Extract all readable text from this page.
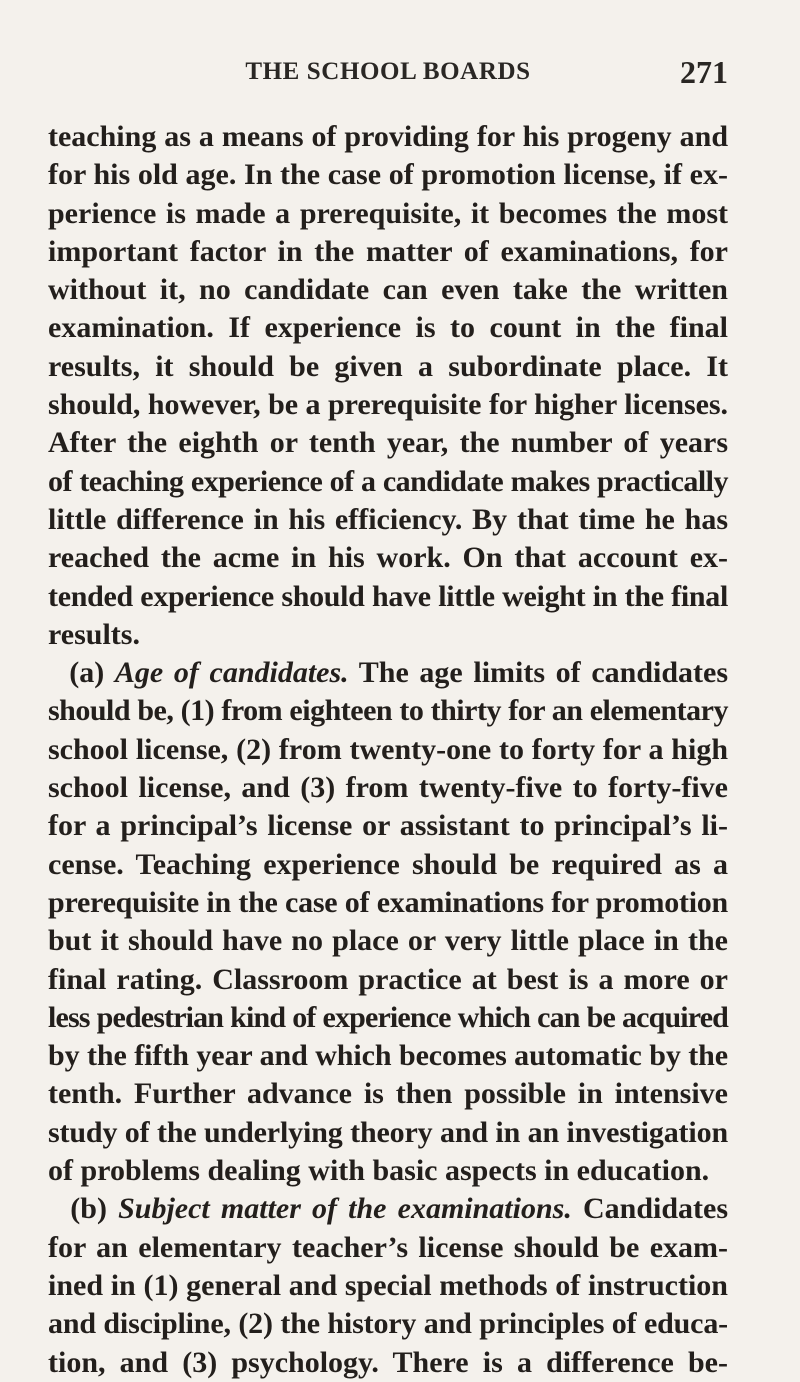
THE SCHOOL BOARDS	271
teaching as a means of providing for his progeny and
for his old age. In the case of promotion license, if ex-
perience is made a prerequisite, it becomes the most
important factor in the matter of examinations, for
without it, no candidate can even take the written
examination. If experience is to count in the final
results, it should be given a subordinate place. It
should, however, be a prerequisite for higher licenses.
After the eighth or tenth year, the number of years
of teaching experience of a candidate makes practically
little difference in his efficiency. By that time he has
reached the acme in his work. On that account ex-
tended experience should have little weight in the final
results.
(a) Age of candidates. The age limits of candidates
should be, (1) from eighteen to thirty for an elementary
school license, (2) from twenty-one to forty for a high
school license, and (3) from twenty-five to forty-five
for a principal’s license or assistant to principal’s li-
cense. Teaching experience should be required as a
prerequisite in the case of examinations for promotion
but it should have no place or very little place in the
final rating. Classroom practice at best is a more or
less pedestrian kind of experience which can be acquired
by the fifth year and which becomes automatic by the
tenth. Further advance is then possible in intensive
study of the underlying theory and in an investigation
of problems dealing with basic aspects in education.
(b) Subject matter of the examinations. Candidates
for an elementary teacher’s license should be exam-
ined in (1) general and special methods of instruction
and discipline, (2) the history and principles of educa-
tion, and (3) psychology. There is a difference be-
